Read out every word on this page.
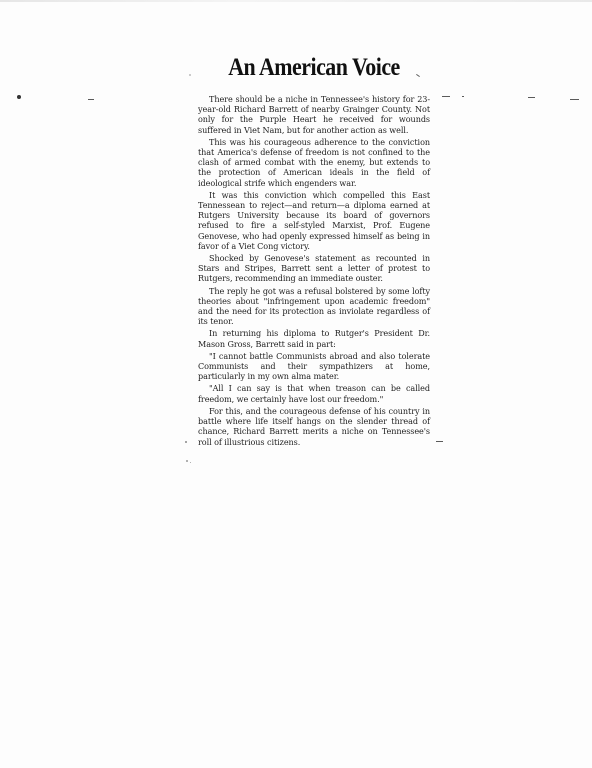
An American Voice

There should be a niche in Tennessee's history for 23-year-old Richard Barrett of nearby Grainger County. Not only for the Purple Heart he received for wounds suffered in Viet Nam, but for another action as well.

This was his courageous adherence to the conviction that America's defense of freedom is not confined to the clash of armed combat with the enemy, but extends to the protection of American ideals in the field of ideological strife which engenders war.

It was this conviction which compelled this East Tennessean to reject—and return—a diploma earned at Rutgers University because its board of governors refused to fire a self-styled Marxist, Prof. Eugene Genovese, who had openly expressed himself as being in favor of a Viet Cong victory.

Shocked by Genovese's statement as recounted in Stars and Stripes, Barrett sent a letter of protest to Rutgers, recommending an immediate ouster.

The reply he got was a refusal bolstered by some lofty theories about "infringement upon academic freedom" and the need for its protection as inviolate regardless of its tenor.

In returning his diploma to Rutger's President Dr. Mason Gross, Barrett said in part:

"I cannot battle Communists abroad and also tolerate Communists and their sympathizers at home, particularly in my own alma mater.

"All I can say is that when treason can be called freedom, we certainly have lost our freedom."

For this, and the courageous defense of his country in battle where life itself hangs on the slender thread of chance, Richard Barrett merits a niche on Tennessee's roll of illustrious citizens.
